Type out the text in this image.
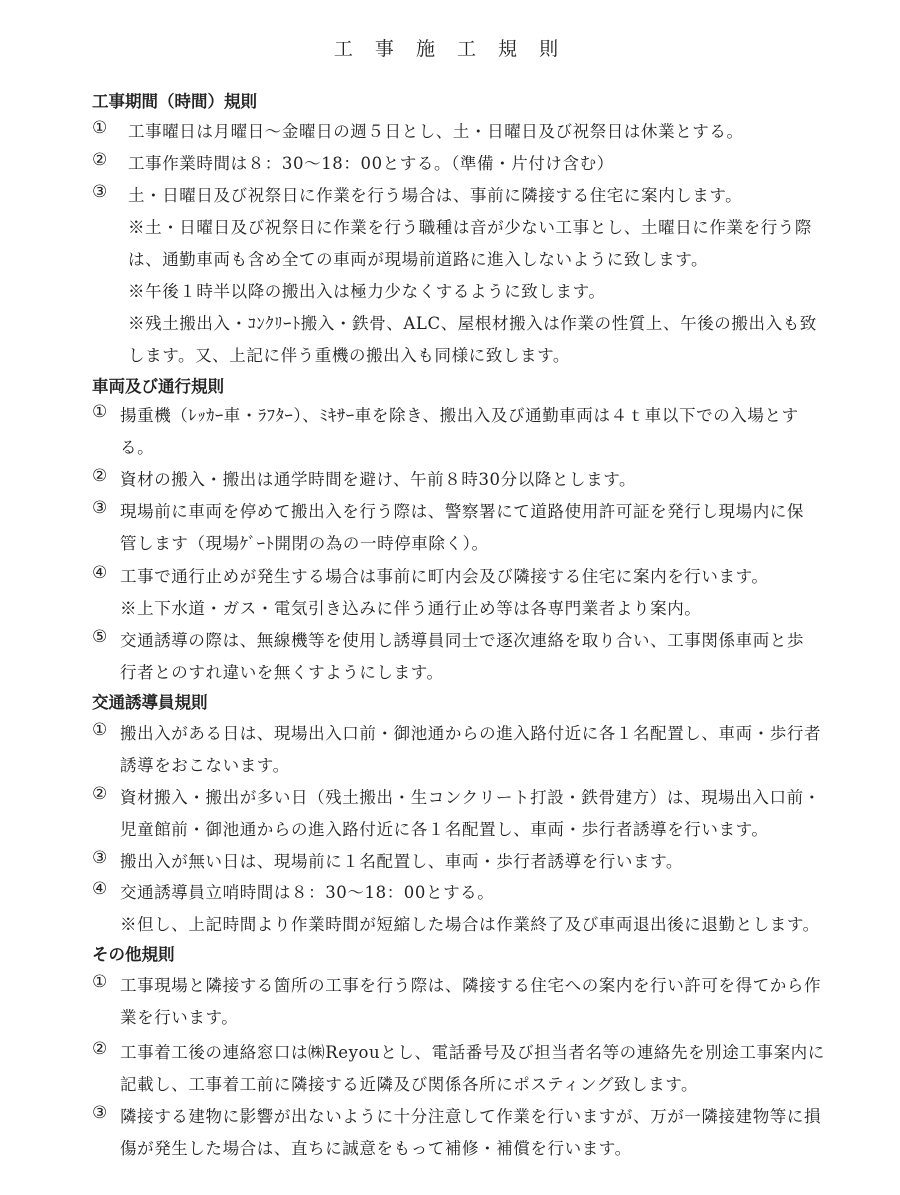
工 事 施 工 規 則
工事期間（時間）規則
① 工事曜日は月曜日〜金曜日の週５日とし、土・日曜日及び祝祭日は休業とする。
② 工事作業時間は８：30〜18：00とする。（準備・片付け含む）
③ 土・日曜日及び祝祭日に作業を行う場合は、事前に隣接する住宅に案内します。
※土・日曜日及び祝祭日に作業を行う職種は音が少ない工事とし、土曜日に作業を行う際
は、通勤車両も含め全ての車両が現場前道路に進入しないように致します。
※午後１時半以降の搬出入は極力少なくするように致します。
※残土搬出入・ｺﾝｸﾘｰﾄ搬入・鉄骨、ALC、屋根材搬入は作業の性質上、午後の搬出入も致
します。又、上記に伴う重機の搬出入も同様に致します。
車両及び通行規則
① 揚重機（ﾚｯｶｰ車・ﾗﾌﾀｰ）、ﾐｷｻｰ車を除き、搬出入及び通勤車両は４ｔ車以下での入場とす
る。
② 資材の搬入・搬出は通学時間を避け、午前８時30分以降とします。
③ 現場前に車両を停めて搬出入を行う際は、警察署にて道路使用許可証を発行し現場内に保
管します（現場ｹﾞｰﾄ開閉の為の一時停車除く）。
④ 工事で通行止めが発生する場合は事前に町内会及び隣接する住宅に案内を行います。
※上下水道・ガス・電気引き込みに伴う通行止め等は各専門業者より案内。
⑤ 交通誘導の際は、無線機等を使用し誘導員同士で逐次連絡を取り合い、工事関係車両と歩
行者とのすれ違いを無くすようにします。
交通誘導員規則
① 搬出入がある日は、現場出入口前・御池通からの進入路付近に各１名配置し、車両・歩行者
誘導をおこないます。
② 資材搬入・搬出が多い日（残土搬出・生コンクリート打設・鉄骨建方）は、現場出入口前・
児童館前・御池通からの進入路付近に各１名配置し、車両・歩行者誘導を行います。
③ 搬出入が無い日は、現場前に１名配置し、車両・歩行者誘導を行います。
④ 交通誘導員立哨時間は８：30〜18：00とする。
※但し、上記時間より作業時間が短縮した場合は作業終了及び車両退出後に退勤とします。
その他規則
① 工事現場と隣接する箇所の工事を行う際は、隣接する住宅への案内を行い許可を得てから作
業を行います。
② 工事着工後の連絡窓口は㈱Reyouとし、電話番号及び担当者名等の連絡先を別途工事案内に
記載し、工事着工前に隣接する近隣及び関係各所にポスティング致します。
③ 隣接する建物に影響が出ないように十分注意して作業を行いますが、万が一隣接建物等に損
傷が発生した場合は、直ちに誠意をもって補修・補償を行います。
